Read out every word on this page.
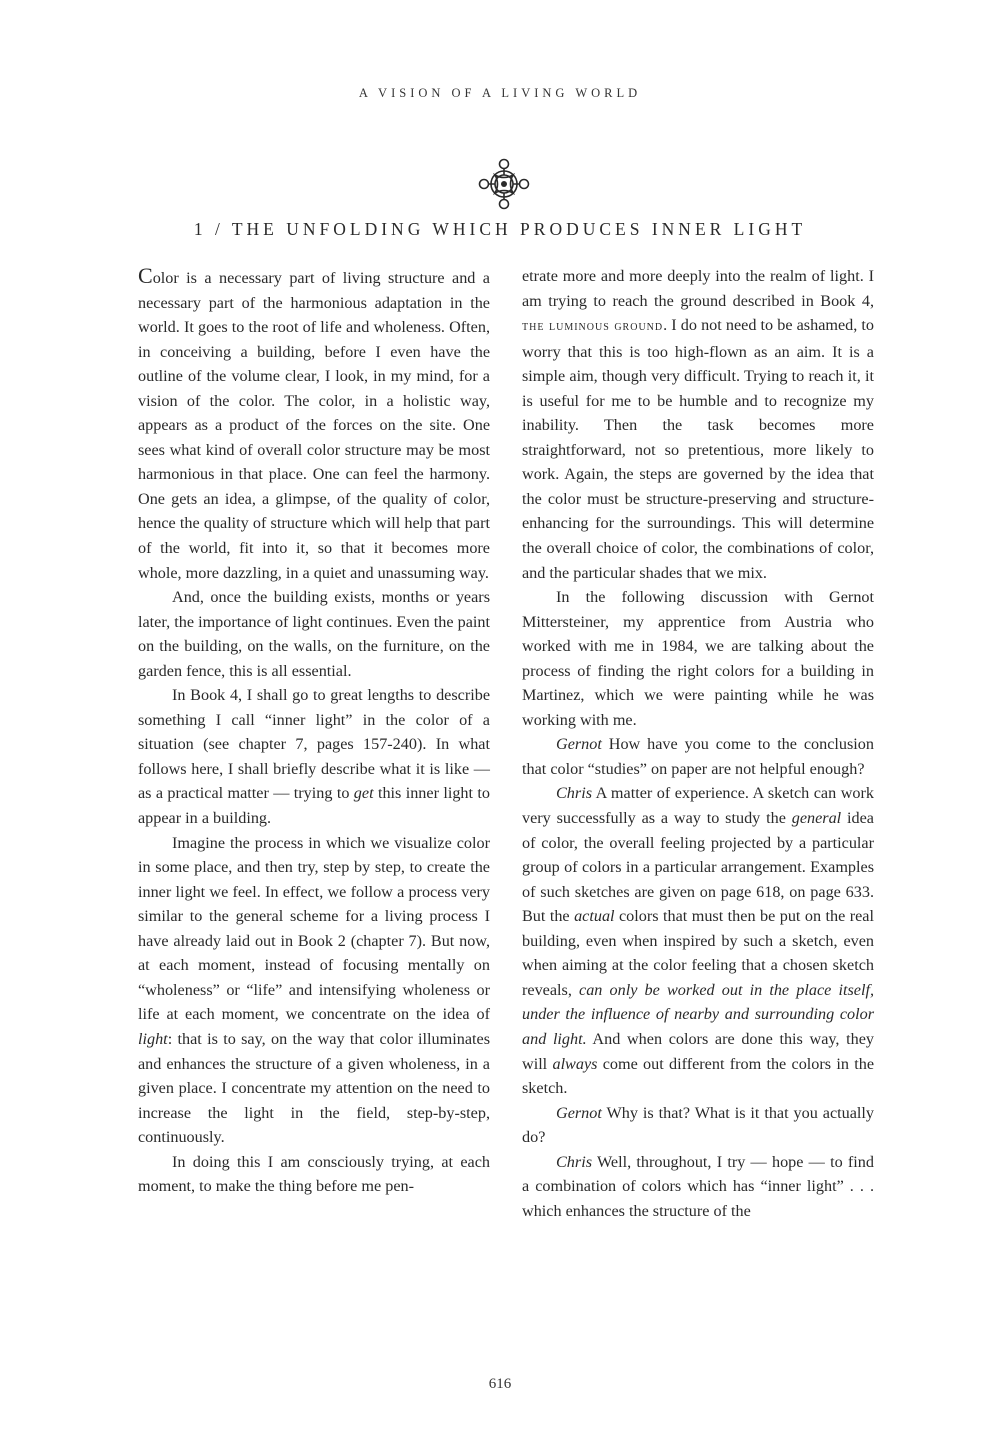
A VISION OF A LIVING WORLD
1 / THE UNFOLDING WHICH PRODUCES INNER LIGHT

Color is a necessary part of living structure and a necessary part of the harmonious adaptation in the world. It goes to the root of life and wholeness. Often, in conceiving a building, before I even have the outline of the volume clear, I look, in my mind, for a vision of the color. The color, in a holistic way, appears as a product of the forces on the site. One sees what kind of overall color structure may be most harmonious in that place. One can feel the harmony. One gets an idea, a glimpse, of the quality of color, hence the quality of structure which will help that part of the world, fit into it, so that it becomes more whole, more dazzling, in a quiet and unassuming way.

And, once the building exists, months or years later, the importance of light continues. Even the paint on the building, on the walls, on the furniture, on the garden fence, this is all essential.

In Book 4, I shall go to great lengths to describe something I call “inner light” in the color of a situation (see chapter 7, pages 157-240). In what follows here, I shall briefly describe what it is like — as a practical matter — trying to get this inner light to appear in a building.

Imagine the process in which we visualize color in some place, and then try, step by step, to create the inner light we feel. In effect, we follow a process very similar to the general scheme for a living process I have already laid out in Book 2 (chapter 7). But now, at each moment, instead of focusing mentally on “wholeness” or “life” and intensifying wholeness or life at each moment, we concentrate on the idea of light: that is to say, on the way that color illuminates and enhances the structure of a given wholeness, in a given place. I concentrate my attention on the need to increase the light in the field, step-by-step, continuously.

In doing this I am consciously trying, at each moment, to make the thing before me pen-

etrate more and more deeply into the realm of light. I am trying to reach the ground described in Book 4, the luminous ground. I do not need to be ashamed, to worry that this is too high-flown as an aim. It is a simple aim, though very difficult. Trying to reach it, it is useful for me to be humble and to recognize my inability. Then the task becomes more straightforward, not so pretentious, more likely to work. Again, the steps are governed by the idea that the color must be structure-preserving and structure-enhancing for the surroundings. This will determine the overall choice of color, the combinations of color, and the particular shades that we mix.

In the following discussion with Gernot Mittersteiner, my apprentice from Austria who worked with me in 1984, we are talking about the process of finding the right colors for a building in Martinez, which we were painting while he was working with me.

Gernot How have you come to the conclusion that color “studies” on paper are not helpful enough?

Chris A matter of experience. A sketch can work very successfully as a way to study the general idea of color, the overall feeling projected by a particular group of colors in a particular arrangement. Examples of such sketches are given on page 618, on page 633. But the actual colors that must then be put on the real building, even when inspired by such a sketch, even when aiming at the color feeling that a chosen sketch reveals, can only be worked out in the place itself, under the influence of nearby and surrounding color and light. And when colors are done this way, they will always come out different from the colors in the sketch.

Gernot Why is that? What is it that you actually do?

Chris Well, throughout, I try — hope — to find a combination of colors which has “inner light” . . . which enhances the structure of the

616
